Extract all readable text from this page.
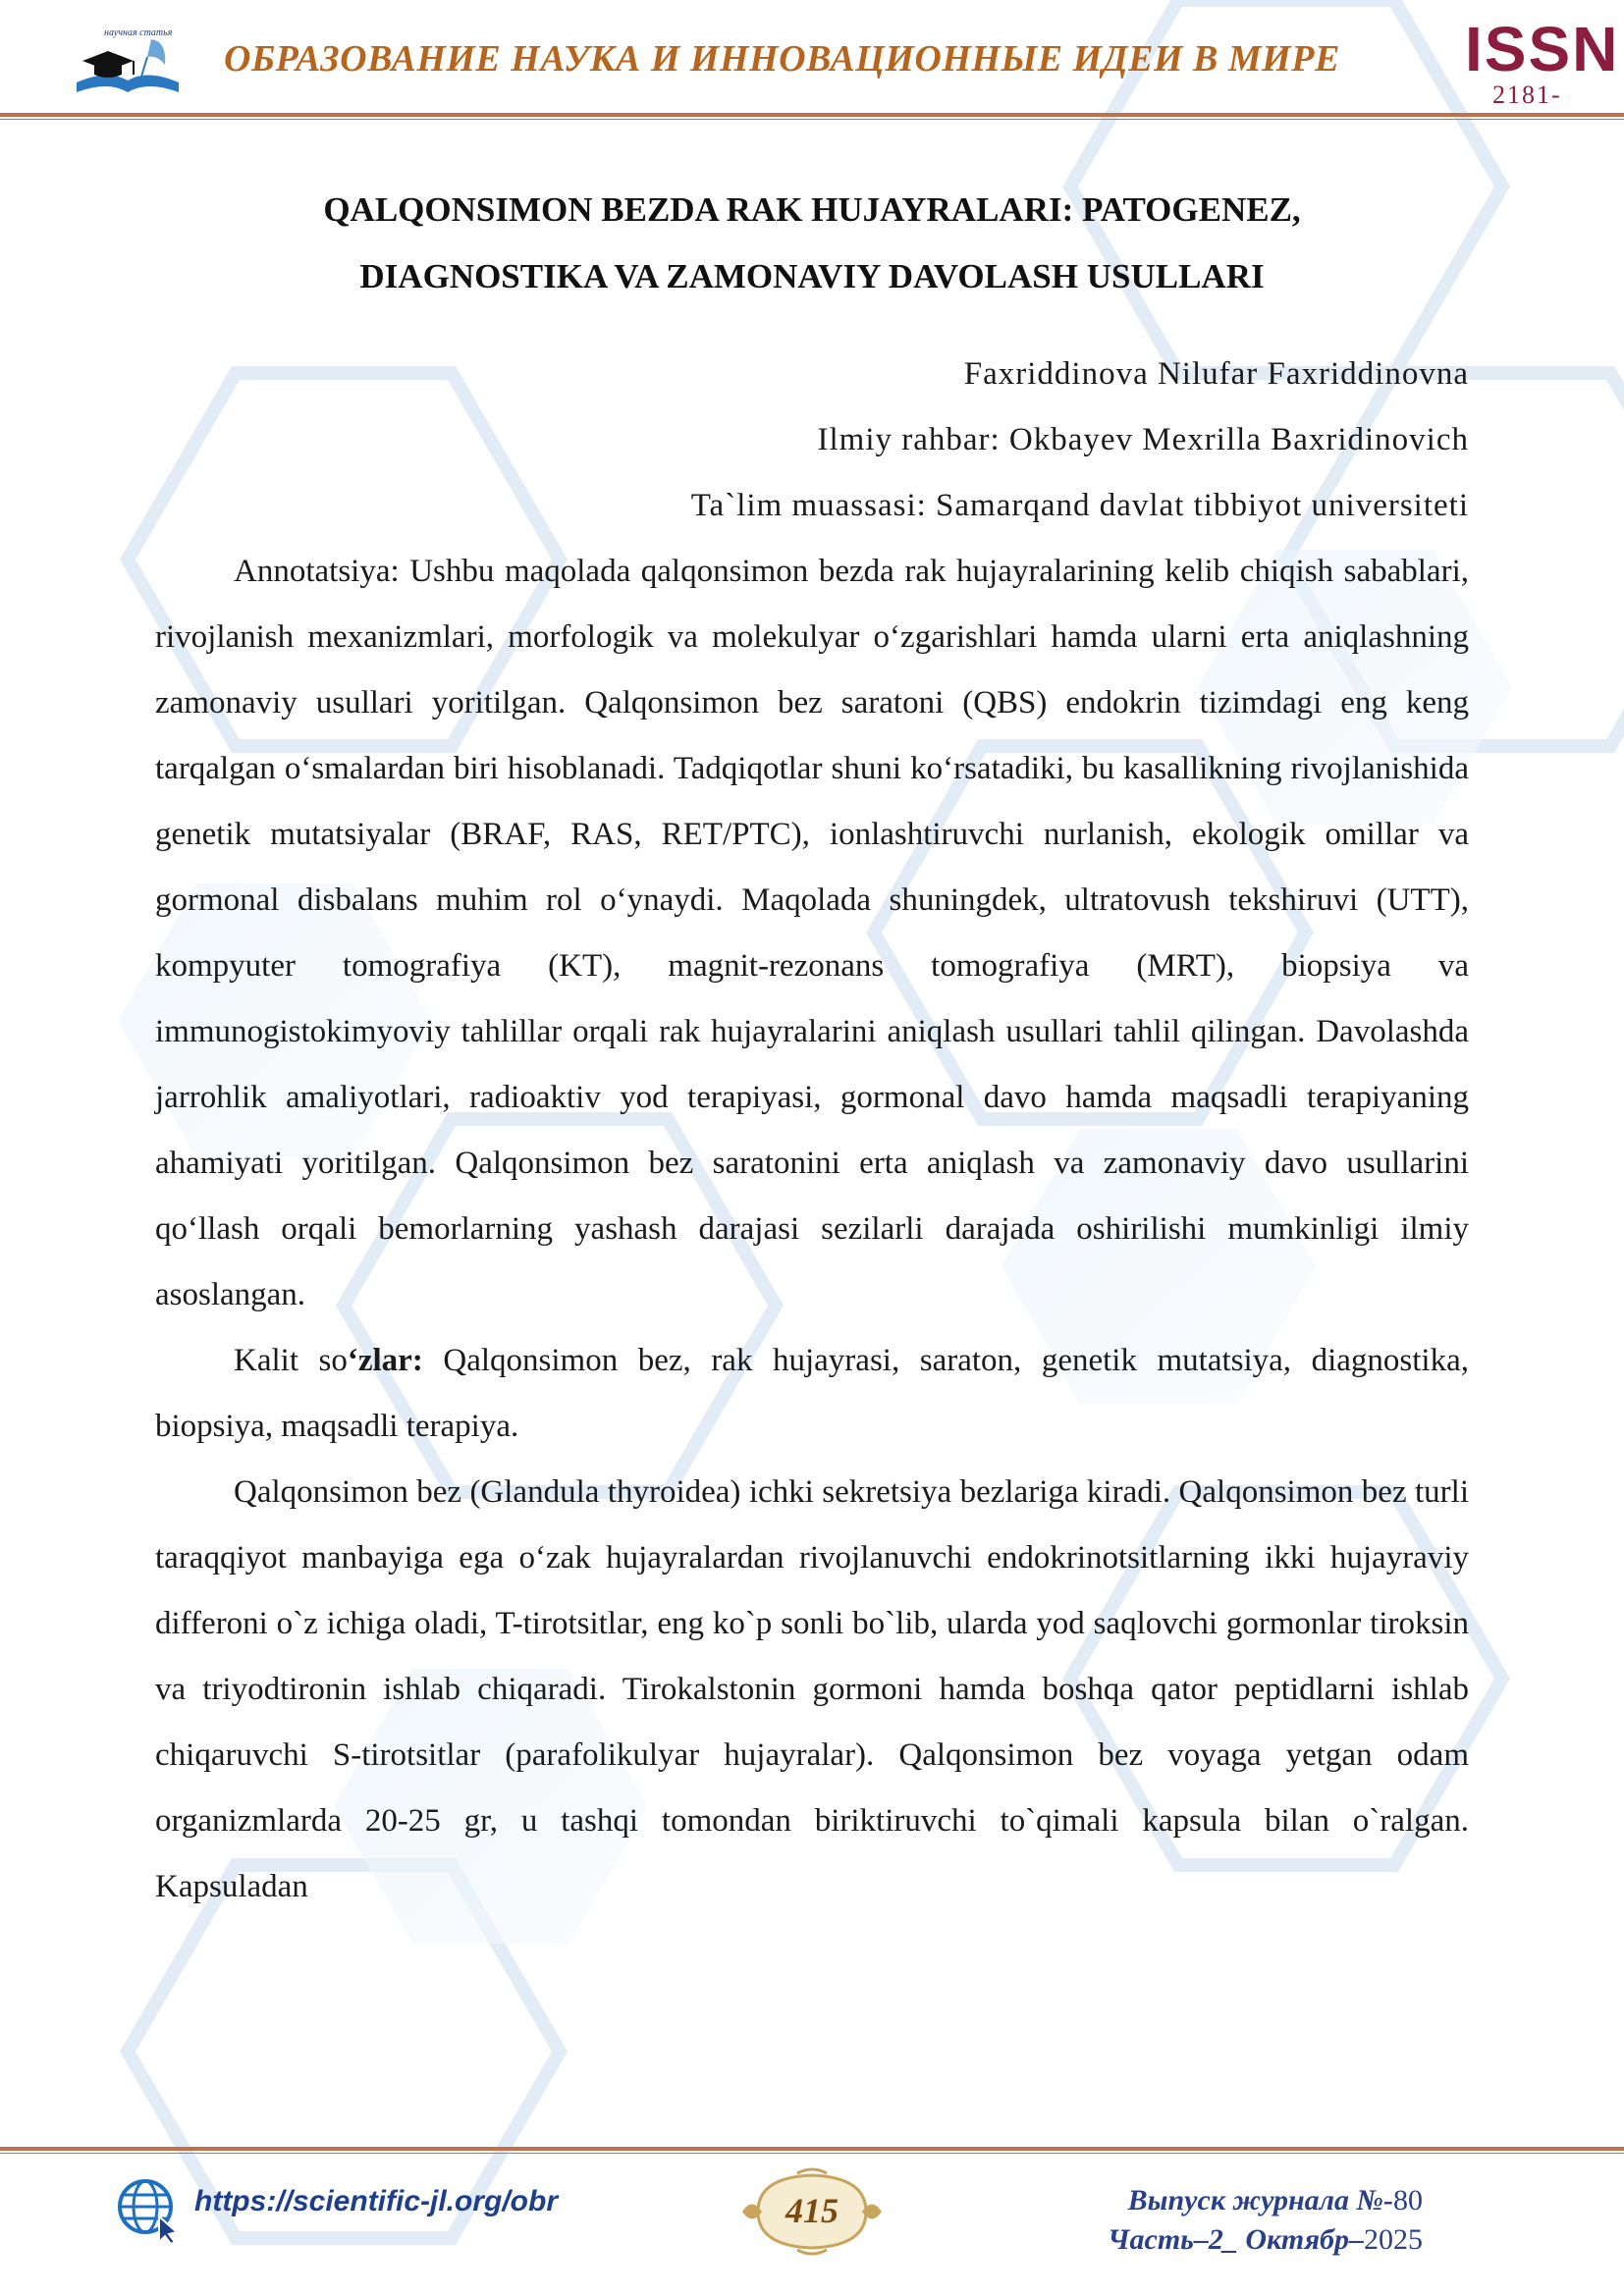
научная статья
ОБРАЗОВАНИЕ НАУКА И ИННОВАЦИОННЫЕ ИДЕИ В МИРЕ ISSN
2181-
QALQONSIMON BEZDA RAK HUJAYRALARI: PATOGENEZ,
DIAGNOSTIKA VA ZAMONAVIY DAVOLASH USULLARI
Faxriddinova Nilufar Faxriddinovna
Ilmiy rahbar: Okbayev Mexrilla Baxridinovich
Ta`lim muassasi: Samarqand davlat tibbiyot universiteti

Annotatsiya: Ushbu maqolada qalqonsimon bezda rak hujayralarining kelib chiqish sabablari, rivojlanish mexanizmlari, morfologik va molekulyar o‘zgarishlari hamda ularni erta aniqlashning zamonaviy usullari yoritilgan. Qalqonsimon bez saratoni (QBS) endokrin tizimdagi eng keng tarqalgan o‘smalardan biri hisoblanadi. Tadqiqotlar shuni ko‘rsatadiki, bu kasallikning rivojlanishida genetik mutatsiyalar (BRAF, RAS, RET/PTC), ionlashtiruvchi nurlanish, ekologik omillar va gormonal disbalans muhim rol o‘ynaydi. Maqolada shuningdek, ultratovush tekshiruvi (UTT), kompyuter tomografiya (KT), magnit-rezonans tomografiya (MRT), biopsiya va immunogistokimyoviy tahlillar orqali rak hujayralarini aniqlash usullari tahlil qilingan. Davolashda jarrohlik amaliyotlari, radioaktiv yod terapiyasi, gormonal davo hamda maqsadli terapiyaning ahamiyati yoritilgan. Qalqonsimon bez saratonini erta aniqlash va zamonaviy davo usullarini qo‘llash orqali bemorlarning yashash darajasi sezilarli darajada oshirilishi mumkinligi ilmiy asoslangan.

Kalit so‘zlar: Qalqonsimon bez, rak hujayrasi, saraton, genetik mutatsiya, diagnostika, biopsiya, maqsadli terapiya.

Qalqonsimon bez (Glandula thyroidea) ichki sekretsiya bezlariga kiradi. Qalqonsimon bez turli taraqqiyot manbayiga ega o‘zak hujayralardan rivojlanuvchi endokrinotsitlarning ikki hujayraviy differoni o`z ichiga oladi, T-tirotsitlar, eng ko`p sonli bo`lib, ularda yod saqlovchi gormonlar tiroksin va triyodtironin ishlab chiqaradi. Tirokalstonin gormoni hamda boshqa qator peptidlarni ishlab chiqaruvchi S-tirotsitlar (parafolikulyar hujayralar). Qalqonsimon bez voyaga yetgan odam organizmlarda 20-25 gr, u tashqi tomondan biriktiruvchi to`qimali kapsula bilan o`ralgan. Kapsuladan

https://scientific-jl.org/obr	415	Выпуск журнала №-80
Часть–2_ Октябр–2025
